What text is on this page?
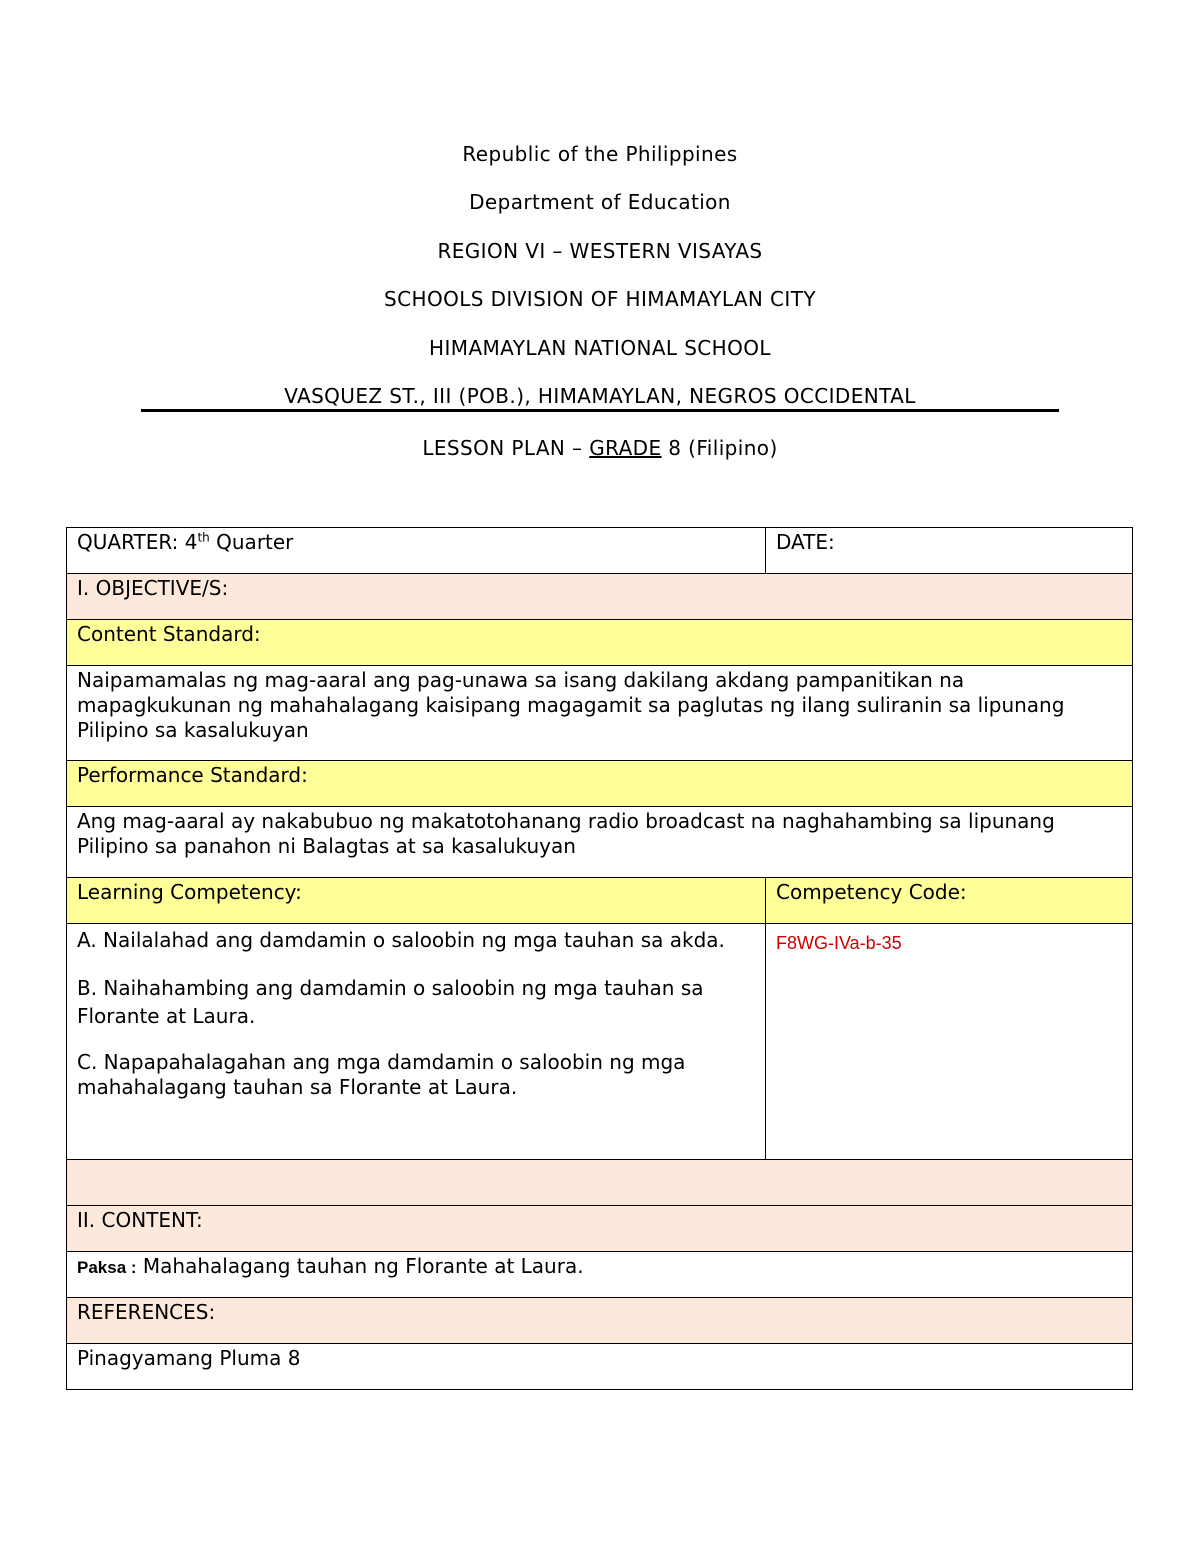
Republic of the Philippines
Department of Education
REGION VI – WESTERN VISAYAS
SCHOOLS DIVISION OF HIMAMAYLAN CITY
HIMAMAYLAN NATIONAL SCHOOL
VASQUEZ ST., III (POB.), HIMAMAYLAN, NEGROS OCCIDENTAL
LESSON PLAN – GRADE 8 (Filipino)
QUARTER: 4th Quarter	DATE:
I. OBJECTIVE/S:	
Content Standard:	
Naipamamalas ng mag-aaral ang pag-unawa sa isang dakilang akdang pampanitikan na mapagkukunan ng mahahalagang kaisipang magagamit sa paglutas ng ilang suliranin sa lipunang Pilipino sa kasalukuyan	
Performance Standard:	
Ang mag-aaral ay nakabubuo ng makatotohanang radio broadcast na naghahambing sa lipunang Pilipino sa panahon ni Balagtas at sa kasalukuyan	
Learning Competency:	Competency Code:

A. Nailalahad ang damdamin o saloobin ng mga tauhan sa akda.

B. Naihahambing ang damdamin o saloobin ng mga tauhan sa Florante at Laura.

C. Napapahalagahan ang mga damdamin o saloobin ng mga mahahalagang tauhan sa Florante at Laura.	F8WG-IVa-b-35

II. CONTENT:	
Paksa : Mahahalagang tauhan ng Florante at Laura.	
REFERENCES:	
Pinagyamang Pluma 8	
